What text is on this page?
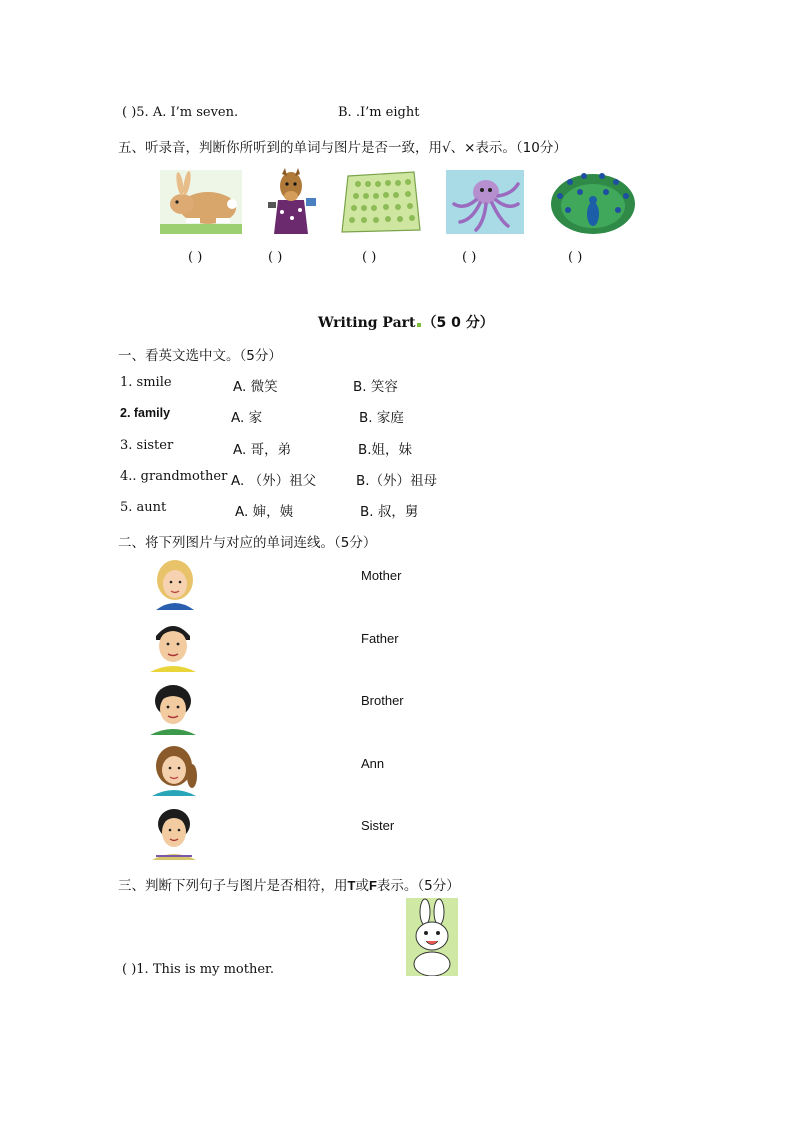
( )5. A. I’m seven.	B. .I’m eight
五、听录音，判断你所听到的单词与图片是否一致，用√、×表示。（10分）
( )	( )	( )	( )	( )
Writing Part （5 0 分）
一、看英文选中文。（5分）
1. smile	A. 微笑	B. 笑容
2. family	A. 家	B. 家庭
3. sister	A. 哥，弟	B.姐，妹
4.. grandmother A. （外）祖父	B.（外）祖母
5. aunt	A. 婶，姨	B. 叔，舅
二、将下列图片与对应的单词连线。（5分）
Mother
Father
Brother
Ann
Sister
三、判断下列句子与图片是否相符，用T或F表示。（5分）
( )1. This is my mother.
